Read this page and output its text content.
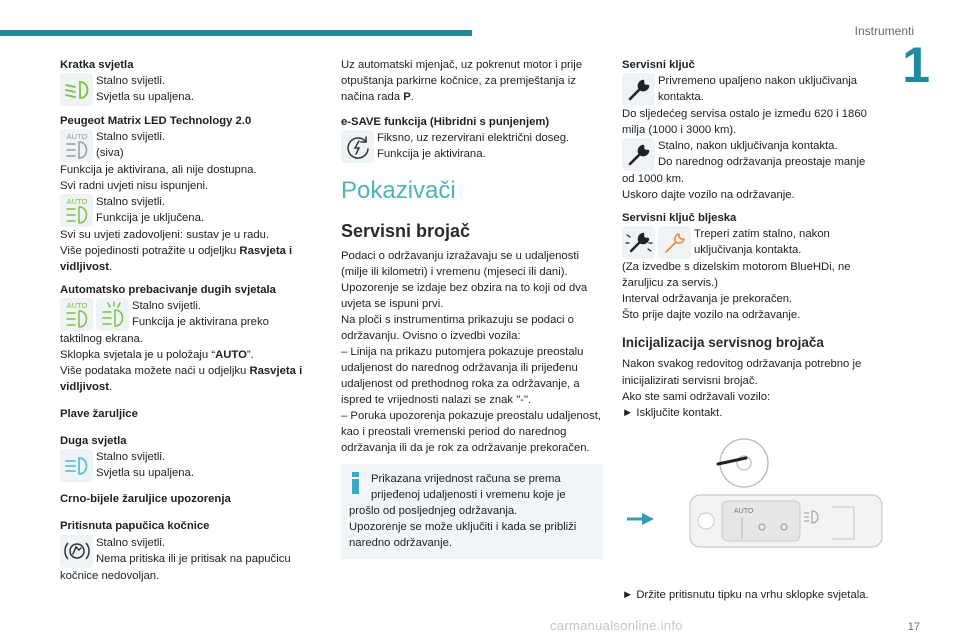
Instrumenti
1
Kratka svjetla
Stalno svijetli.
Svjetla su upaljena.
Peugeot Matrix LED Technology 2.0
AUTO Stalno svijetli.
(siva)
Funkcija je aktivirana, ali nije dostupna.
Svi radni uvjeti nisu ispunjeni.
AUTO Stalno svijetli.
Funkcija je uključena.
Svi su uvjeti zadovoljeni: sustav je u radu.
Više pojedinosti potražite u odjeljku Rasvjeta i vidljivost.
Automatsko prebacivanje dugih svjetala
AUTO	Stalno svijetli.
Funkcija je aktivirana preko
taktilnog ekrana.
Sklopka svjetala je u položaju “AUTO”.
Više podataka možete naći u odjeljku Rasvjeta i vidljivost.
Plave žaruljice
Duga svjetla
Stalno svijetli.
Svjetla su upaljena.
Crno-bijele žaruljice upozorenja
Pritisnuta papučica kočnice
Stalno svijetli.
Nema pritiska ili je pritisak na papučicu
kočnice nedovoljan.
Uz automatski mjenjač, uz pokrenut motor i prije otpuštanja parkirne kočnice, za premještanja iz načina rada P.
e-SAVE funkcija (Hibridni s punjenjem)
Fiksno, uz rezervirani električni doseg.
Funkcija je aktivirana.
Pokazivači
Servisni brojač
Podaci o održavanju izražavaju se u udaljenosti (milje ili kilometri) i vremenu (mjeseci ili dani).
Upozorenje se izdaje bez obzira na to koji od dva uvjeta se ispuni prvi.
Na ploči s instrumentima prikazuju se podaci o održavanju. Ovisno o izvedbi vozila:
– Linija na prikazu putomjera pokazuje preostalu udaljenost do narednog održavanja ili prijeđenu udaljenost od prethodnog roka za održavanje, a ispred te vrijednosti nalazi se znak "-".
– Poruka upozorenja pokazuje preostalu udaljenost, kao i preostali vremenski period do narednog održavanja ili da je rok za održavanje prekoračen.
Prikazana vrijednost računa se prema prijeđenoj udaljenosti i vremenu koje je
prošlo od posljednjeg održavanja.
Upozorenje se može uključiti i kada se približi naredno održavanje.
Servisni ključ
Privremeno upaljeno nakon uključivanja
kontakta.
Do sljedećeg servisa ostalo je između 620 i 1860 milja (1000 i 3000 km).
Stalno, nakon uključivanja kontakta.
Do narednog održavanja preostaje manje
od 1000 km.
Uskoro dajte vozilo na održavanje.
Servisni ključ bljeska
Treperi zatim stalno, nakon
uključivanja kontakta.
(Za izvedbe s dizelskim motorom BlueHDi, ne žaruljicu za servis.)
Interval održavanja je prekoračen.
Što prije dajte vozilo na održavanje.
Inicijalizacija servisnog brojača
Nakon svakog redovitog održavanja potrebno je inicijalizirati servisni brojač.
Ako ste sami održavali vozilo:
► Isključite kontakt.
AUTO
► Držite pritisnutu tipku na vrhu sklopke svjetala.
carmanualsonline.info	17
